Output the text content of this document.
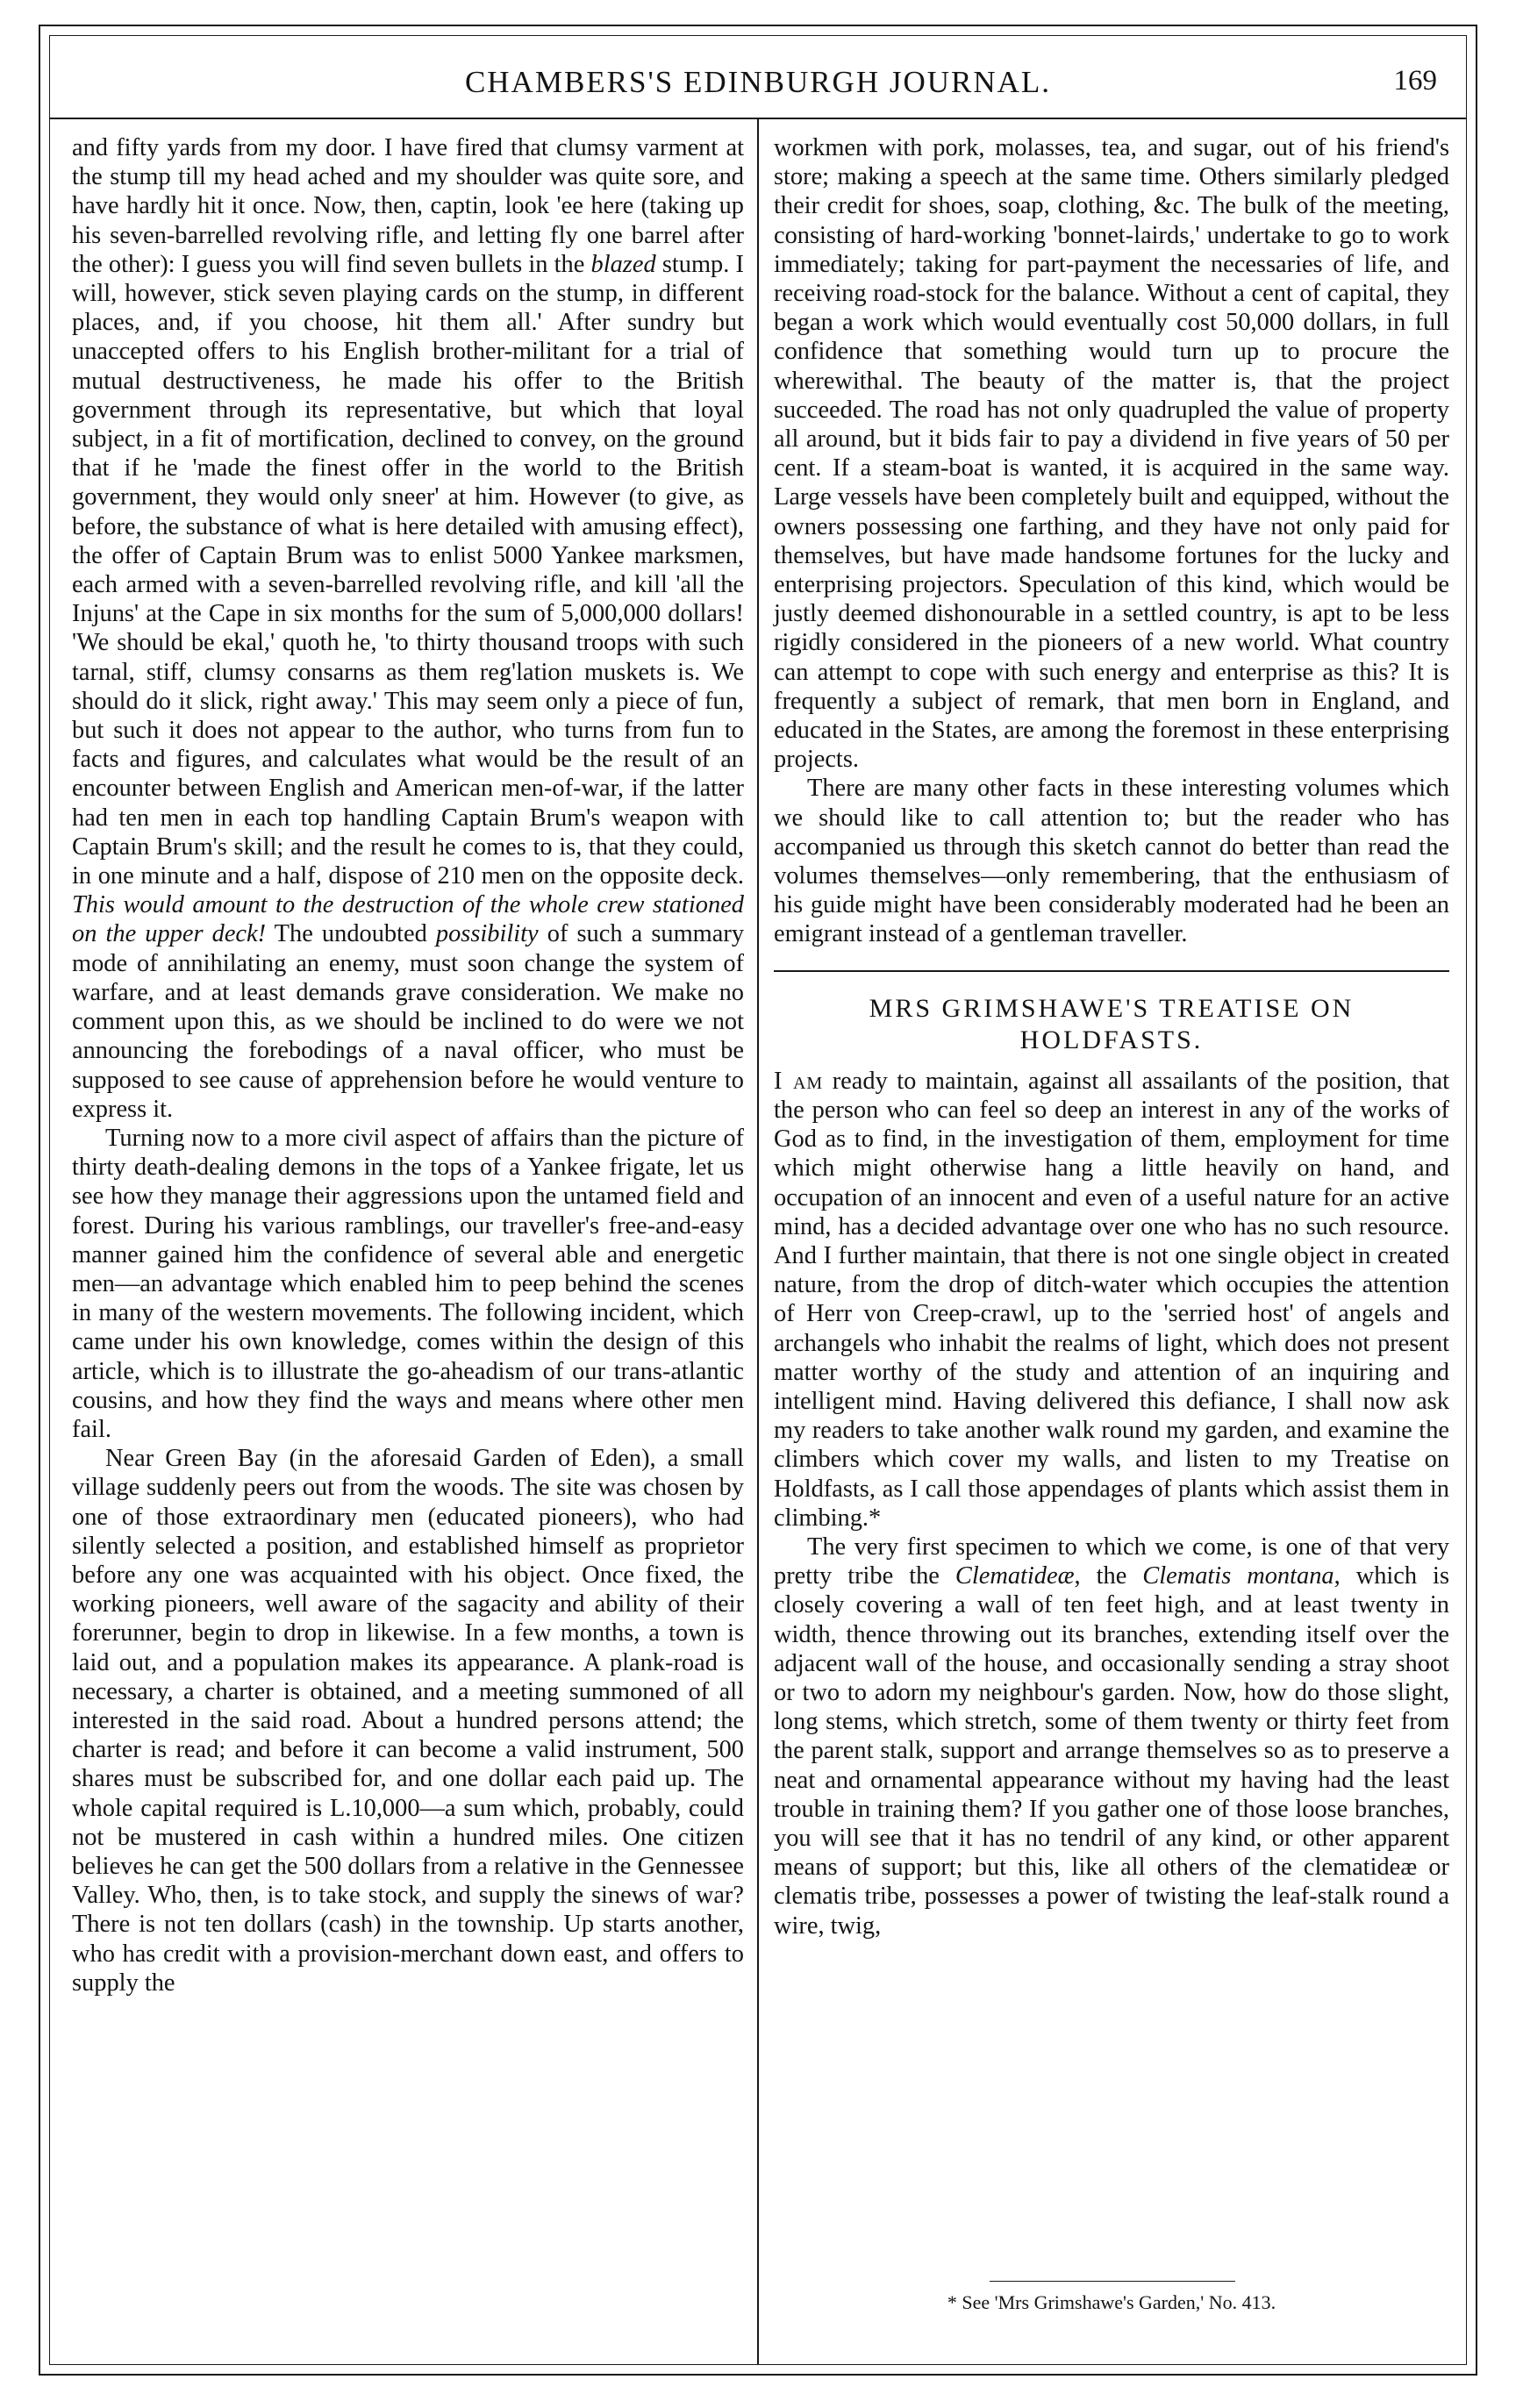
CHAMBERS'S EDINBURGH JOURNAL.	169

and fifty yards from my door. I have fired that clumsy varment at the stump till my head ached and my shoulder was quite sore, and have hardly hit it once. Now, then, captin, look 'ee here (taking up his seven-barrelled revolving rifle, and letting fly one barrel after the other): I guess you will find seven bullets in the blazed stump. I will, however, stick seven playing cards on the stump, in different places, and, if you choose, hit them all.' After sundry but unaccepted offers to his English brother-militant for a trial of mutual destructiveness, he made his offer to the British government through its representative, but which that loyal subject, in a fit of mortification, declined to convey, on the ground that if he 'made the finest offer in the world to the British government, they would only sneer' at him. However (to give, as before, the substance of what is here detailed with amusing effect), the offer of Captain Brum was to enlist 5000 Yankee marksmen, each armed with a seven-barrelled revolving rifle, and kill 'all the Injuns' at the Cape in six months for the sum of 5,000,000 dollars! 'We should be ekal,' quoth he, 'to thirty thousand troops with such tarnal, stiff, clumsy consarns as them reg'lation muskets is. We should do it slick, right away.' This may seem only a piece of fun, but such it does not appear to the author, who turns from fun to facts and figures, and calculates what would be the result of an encounter between English and American men-of-war, if the latter had ten men in each top handling Captain Brum's weapon with Captain Brum's skill; and the result he comes to is, that they could, in one minute and a half, dispose of 210 men on the opposite deck. This would amount to the destruction of the whole crew stationed on the upper deck! The undoubted possibility of such a summary mode of annihilating an enemy, must soon change the system of warfare, and at least demands grave consideration. We make no comment upon this, as we should be inclined to do were we not announcing the forebodings of a naval officer, who must be supposed to see cause of apprehension before he would venture to express it.

Turning now to a more civil aspect of affairs than the picture of thirty death-dealing demons in the tops of a Yankee frigate, let us see how they manage their aggressions upon the untamed field and forest. During his various ramblings, our traveller's free-and-easy manner gained him the confidence of several able and energetic men—an advantage which enabled him to peep behind the scenes in many of the western movements. The following incident, which came under his own knowledge, comes within the design of this article, which is to illustrate the go-aheadism of our trans-atlantic cousins, and how they find the ways and means where other men fail.

Near Green Bay (in the aforesaid Garden of Eden), a small village suddenly peers out from the woods. The site was chosen by one of those extraordinary men (educated pioneers), who had silently selected a position, and established himself as proprietor before any one was acquainted with his object. Once fixed, the working pioneers, well aware of the sagacity and ability of their forerunner, begin to drop in likewise. In a few months, a town is laid out, and a population makes its appearance. A plank-road is necessary, a charter is obtained, and a meeting summoned of all interested in the said road. About a hundred persons attend; the charter is read; and before it can become a valid instrument, 500 shares must be subscribed for, and one dollar each paid up. The whole capital required is L.10,000—a sum which, probably, could not be mustered in cash within a hundred miles. One citizen believes he can get the 500 dollars from a relative in the Gennessee Valley. Who, then, is to take stock, and supply the sinews of war? There is not ten dollars (cash) in the township. Up starts another, who has credit with a provision-merchant down east, and offers to supply the

workmen with pork, molasses, tea, and sugar, out of his friend's store; making a speech at the same time. Others similarly pledged their credit for shoes, soap, clothing, &c. The bulk of the meeting, consisting of hard-working 'bonnet-lairds,' undertake to go to work immediately; taking for part-payment the necessaries of life, and receiving road-stock for the balance. Without a cent of capital, they began a work which would eventually cost 50,000 dollars, in full confidence that something would turn up to procure the wherewithal. The beauty of the matter is, that the project succeeded. The road has not only quadrupled the value of property all around, but it bids fair to pay a dividend in five years of 50 per cent. If a steam-boat is wanted, it is acquired in the same way. Large vessels have been completely built and equipped, without the owners possessing one farthing, and they have not only paid for themselves, but have made handsome fortunes for the lucky and enterprising projectors. Speculation of this kind, which would be justly deemed dishonourable in a settled country, is apt to be less rigidly considered in the pioneers of a new world. What country can attempt to cope with such energy and enterprise as this? It is frequently a subject of remark, that men born in England, and educated in the States, are among the foremost in these enterprising projects.

There are many other facts in these interesting volumes which we should like to call attention to; but the reader who has accompanied us through this sketch cannot do better than read the volumes themselves—only remembering, that the enthusiasm of his guide might have been considerably moderated had he been an emigrant instead of a gentleman traveller.

MRS GRIMSHAWE'S TREATISE ON HOLDFASTS.

I am ready to maintain, against all assailants of the position, that the person who can feel so deep an interest in any of the works of God as to find, in the investigation of them, employment for time which might otherwise hang a little heavily on hand, and occupation of an innocent and even of a useful nature for an active mind, has a decided advantage over one who has no such resource. And I further maintain, that there is not one single object in created nature, from the drop of ditch-water which occupies the attention of Herr von Creep-crawl, up to the 'serried host' of angels and archangels who inhabit the realms of light, which does not present matter worthy of the study and attention of an inquiring and intelligent mind. Having delivered this defiance, I shall now ask my readers to take another walk round my garden, and examine the climbers which cover my walls, and listen to my Treatise on Holdfasts, as I call those appendages of plants which assist them in climbing.*

The very first specimen to which we come, is one of that very pretty tribe the Clematideæ, the Clematis montana, which is closely covering a wall of ten feet high, and at least twenty in width, thence throwing out its branches, extending itself over the adjacent wall of the house, and occasionally sending a stray shoot or two to adorn my neighbour's garden. Now, how do those slight, long stems, which stretch, some of them twenty or thirty feet from the parent stalk, support and arrange themselves so as to preserve a neat and ornamental appearance without my having had the least trouble in training them? If you gather one of those loose branches, you will see that it has no tendril of any kind, or other apparent means of support; but this, like all others of the clematideæ or clematis tribe, possesses a power of twisting the leaf-stalk round a wire, twig,

* See 'Mrs Grimshawe's Garden,' No. 413.
